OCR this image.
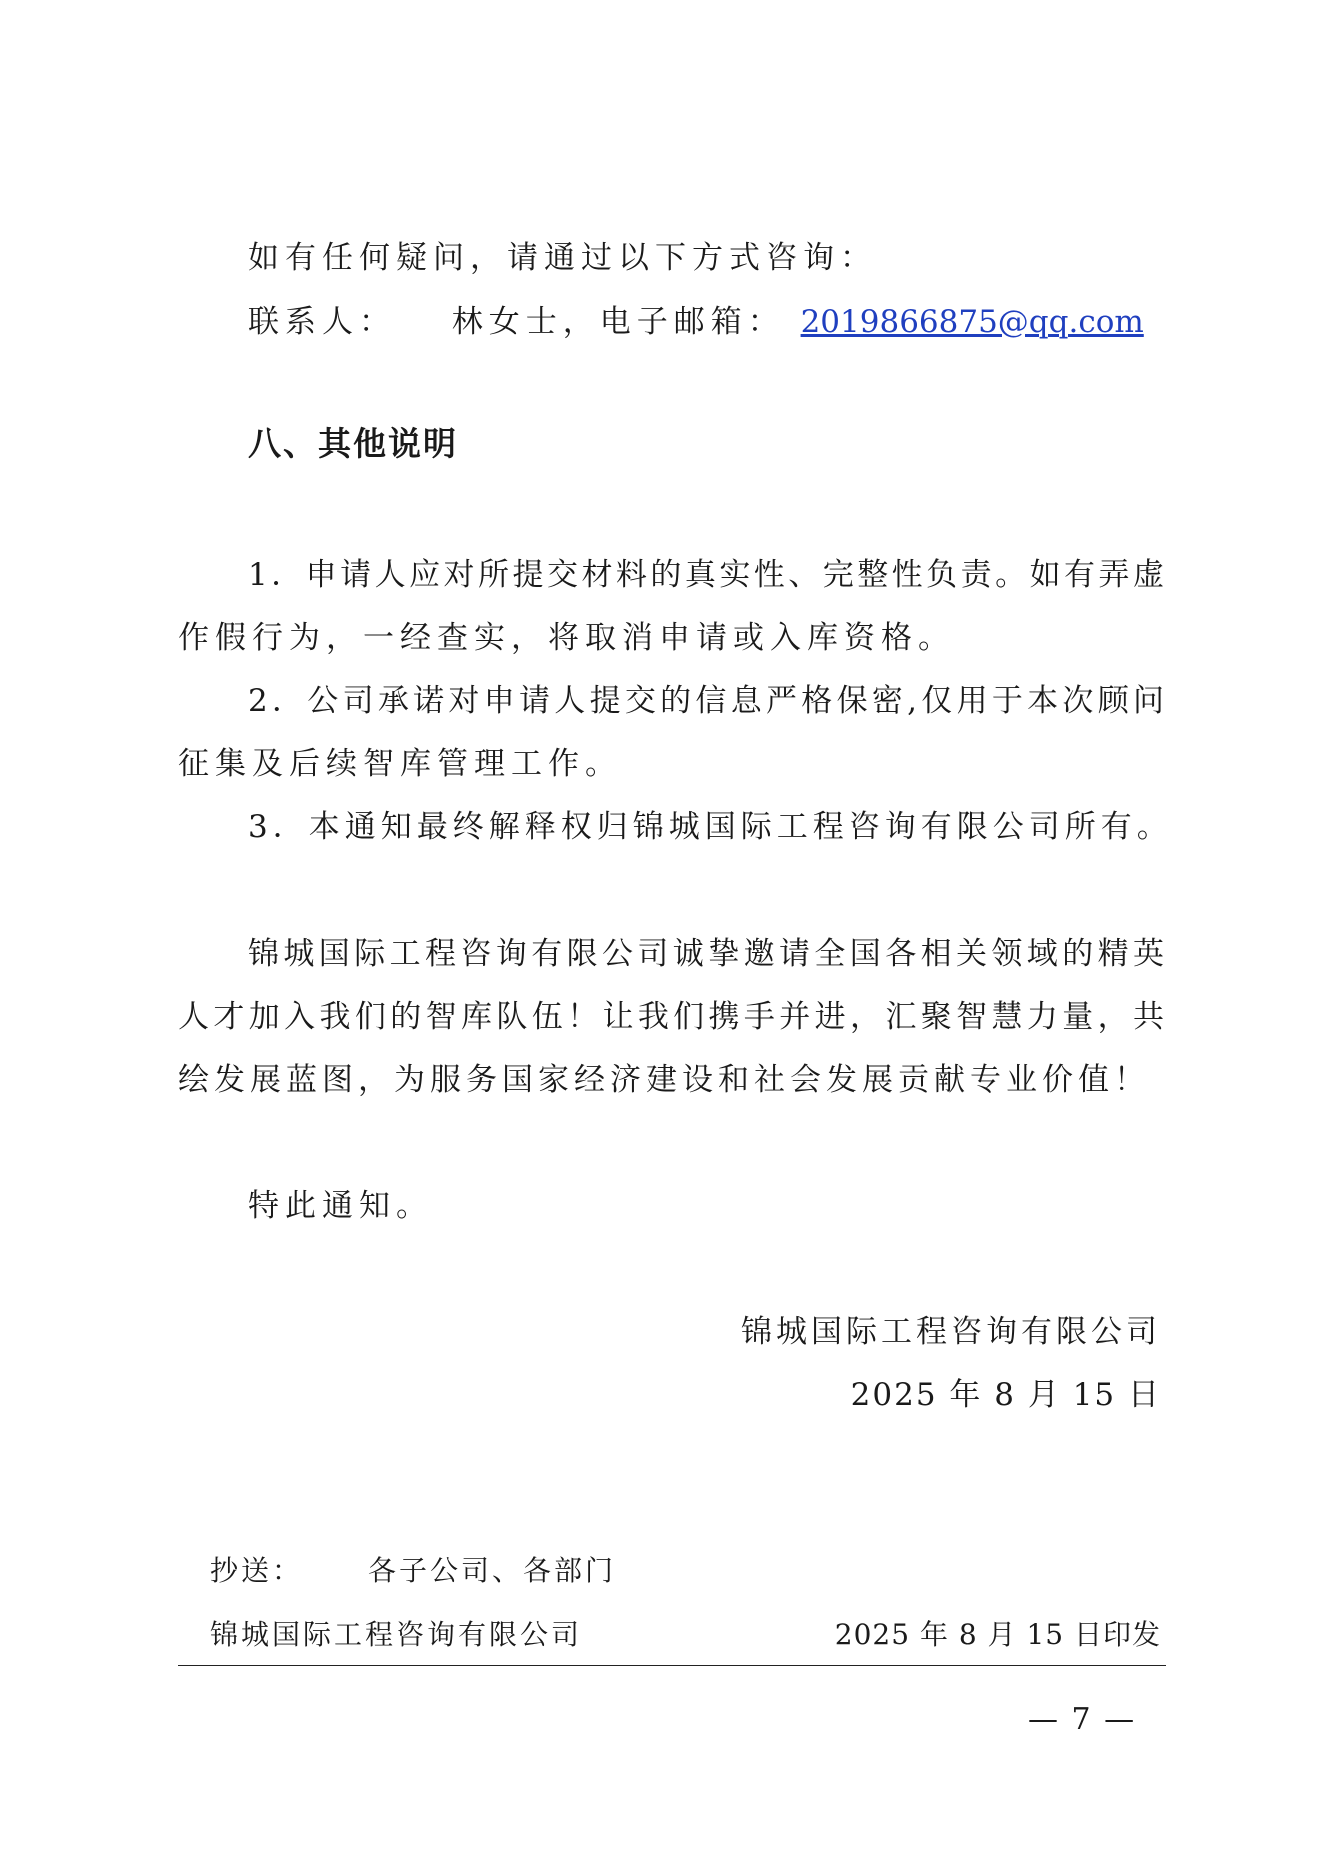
如有任何疑问，请通过以下方式咨询：
联系人： 林女士，电子邮箱： 2019866875@qq.com
八、其他说明
1．申请人应对所提交材料的真实性、完整性负责。如有弄虚
作假行为，一经查实，将取消申请或入库资格。
2．公司承诺对申请人提交的信息严格保密,仅用于本次顾问
征集及后续智库管理工作。
3．本通知最终解释权归锦城国际工程咨询有限公司所有。
锦城国际工程咨询有限公司诚挚邀请全国各相关领域的精英
人才加入我们的智库队伍！让我们携手并进，汇聚智慧力量，共
绘发展蓝图，为服务国家经济建设和社会发展贡献专业价值！
特此通知。
锦城国际工程咨询有限公司
2025 年 8 月 15 日
抄送： 各子公司、各部门
锦城国际工程咨询有限公司	2025 年 8 月 15 日印发
— 7 —
